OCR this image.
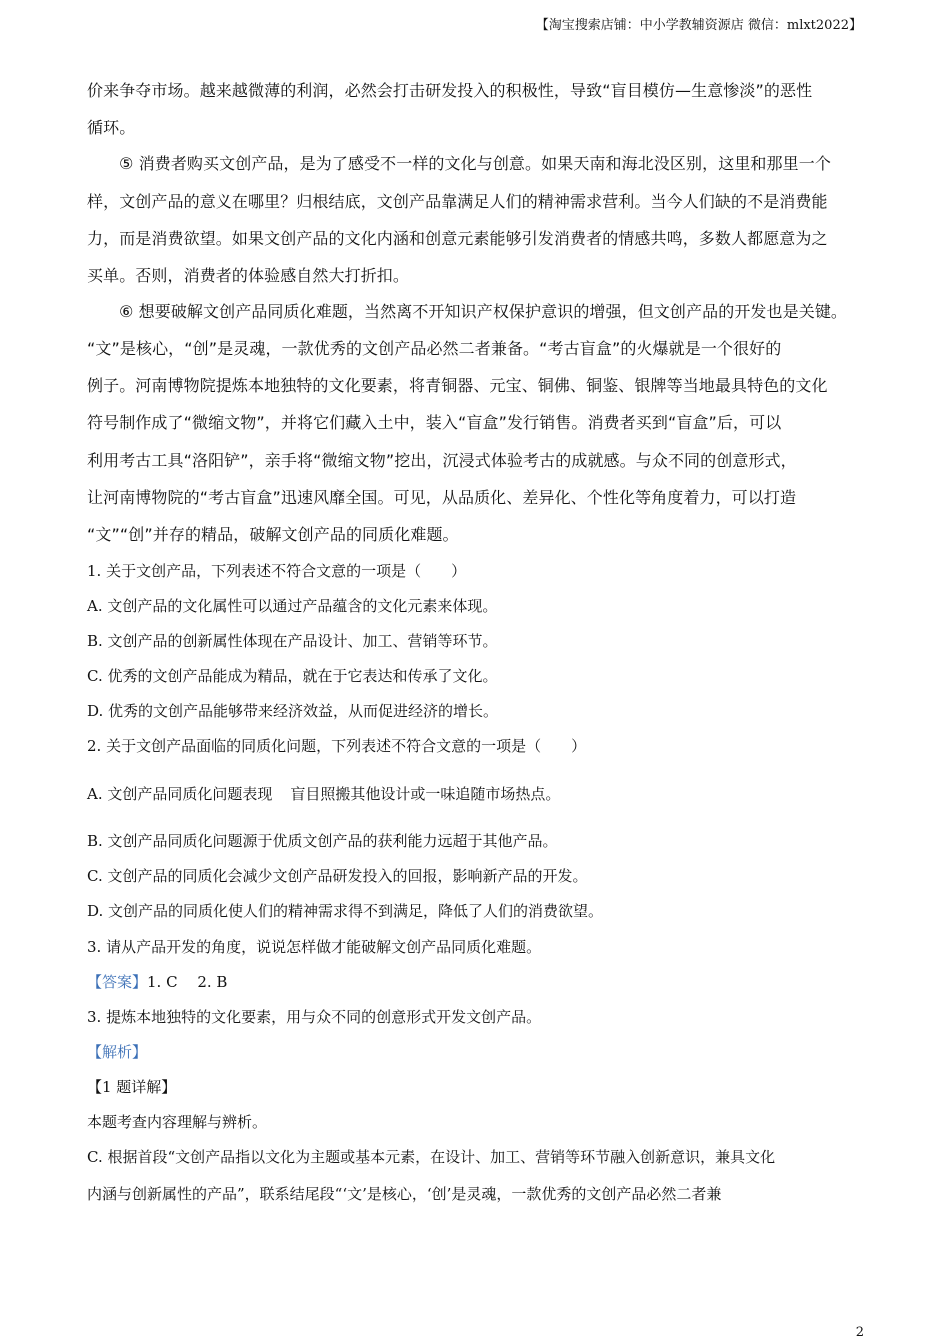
【淘宝搜索店铺：中小学教辅资源店 微信：mlxt2022】
价来争夺市场。越来越微薄的利润，必然会打击研发投入的积极性，导致“盲目模仿—生意惨淡”的恶性
循环。
⑤ 消费者购买文创产品，是为了感受不一样的文化与创意。如果天南和海北没区别，这里和那里一个
样，文创产品的意义在哪里？归根结底，文创产品靠满足人们的精神需求营利。当今人们缺的不是消费能
力，而是消费欲望。如果文创产品的文化内涵和创意元素能够引发消费者的情感共鸣，多数人都愿意为之
买单。否则，消费者的体验感自然大打折扣。
⑥ 想要破解文创产品同质化难题，当然离不开知识产权保护意识的增强，但文创产品的开发也是关键。
“文”是核心，“创”是灵魂，一款优秀的文创产品必然二者兼备。“考古盲盒”的火爆就是一个很好的
例子。河南博物院提炼本地独特的文化要素，将青铜器、元宝、铜佛、铜鉴、银牌等当地最具特色的文化
符号制作成了“微缩文物”，并将它们藏入土中，装入“盲盒”发行销售。消费者买到“盲盒”后，可以
利用考古工具“洛阳铲”，亲手将“微缩文物”挖出，沉浸式体验考古的成就感。与众不同的创意形式，
让河南博物院的“考古盲盒”迅速风靡全国。可见，从品质化、差异化、个性化等角度着力，可以打造
“文”“创”并存的精品，破解文创产品的同质化难题。
1. 关于文创产品，下列表述不符合文意的一项是（　　）
A. 文创产品的文化属性可以通过产品蕴含的文化元素来体现。
B. 文创产品的创新属性体现在产品设计、加工、营销等环节。
C. 优秀的文创产品能成为精品，就在于它表达和传承了文化。
D. 优秀的文创产品能够带来经济效益，从而促进经济的增长。
2. 关于文创产品面临的同质化问题，下列表述不符合文意的一项是（　　）
A. 文创产品同质化问题表现 盲目照搬其他设计或一味追随市场热点。
B. 文创产品同质化问题源于优质文创产品的获利能力远超于其他产品。
C. 文创产品的同质化会减少文创产品研发投入的回报，影响新产品的开发。
D. 文创产品的同质化使人们的精神需求得不到满足，降低了人们的消费欲望。
3. 请从产品开发的角度，说说怎样做才能破解文创产品同质化难题。
【答案】1. C　 2. B
3. 提炼本地独特的文化要素，用与众不同的创意形式开发文创产品。
【解析】
【1 题详解】
本题考查内容理解与辨析。
C. 根据首段“文创产品指以文化为主题或基本元素，在设计、加工、营销等环节融入创新意识，兼具文化
内涵与创新属性的产品”，联系结尾段“‘文’是核心，‘创’是灵魂，一款优秀的文创产品必然二者兼
2
